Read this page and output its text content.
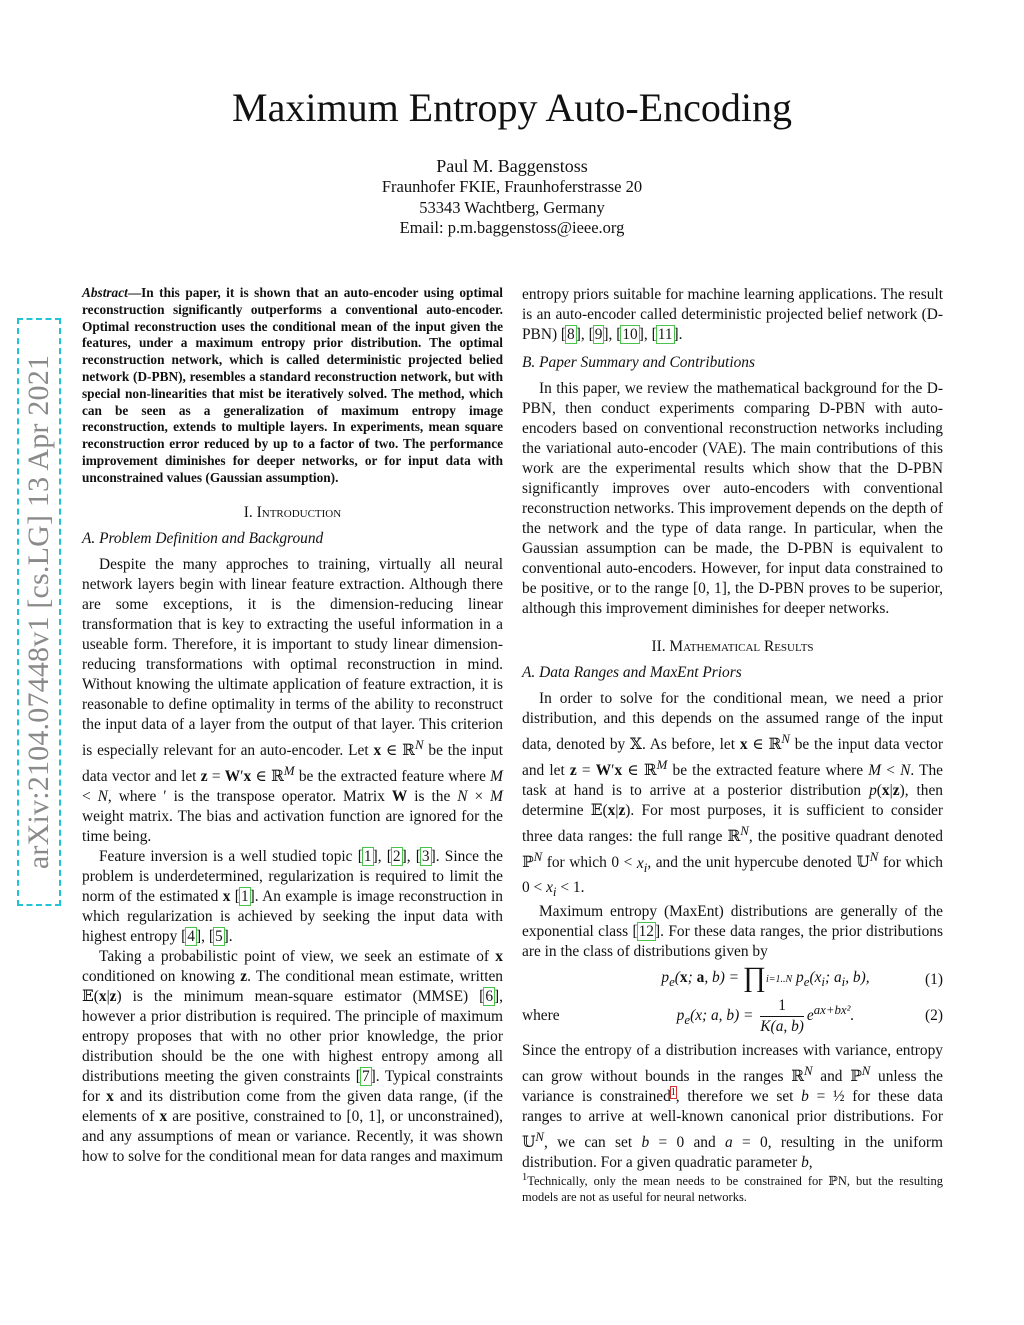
arXiv:2104.07448v1 [cs.LG] 13 Apr 2021
Maximum Entropy Auto-Encoding
Paul M. Baggenstoss
Fraunhofer FKIE, Fraunhoferstrasse 20
53343 Wachtberg, Germany
Email: p.m.baggenstoss@ieee.org

Abstract—In this paper, it is shown that an auto-encoder using optimal reconstruction significantly outperforms a conventional auto-encoder. Optimal reconstruction uses the conditional mean of the input given the features, under a maximum entropy prior distribution. The optimal reconstruction network, which is called deterministic projected belied network (D-PBN), resembles a standard reconstruction network, but with special non-linearities that mist be iteratively solved. The method, which can be seen as a generalization of maximum entropy image reconstruction, extends to multiple layers. In experiments, mean square reconstruction error reduced by up to a factor of two. The performance improvement diminishes for deeper networks, or for input data with unconstrained values (Gaussian assumption).

I. Introduction
A. Problem Definition and Background

Despite the many approches to training, virtually all neural network layers begin with linear feature extraction. Although there are some exceptions, it is the dimension-reducing linear transformation that is key to extracting the useful information in a useable form. Therefore, it is important to study linear dimension-reducing transformations with optimal reconstruction in mind. Without knowing the ultimate application of feature extraction, it is reasonable to define optimality in terms of the ability to reconstruct the input data of a layer from the output of that layer. This criterion is especially relevant for an auto-encoder. Let x ∈ ℝ$^N$ be the input data vector and let z = W′x ∈ ℝ$^M$ be the extracted feature where M < N, where ′ is the transpose operator. Matrix W is the N × M weight matrix. The bias and activation function are ignored for the time being.

Feature inversion is a well studied topic [1], [2], [3]. Since the problem is underdetermined, regularization is required to limit the norm of the estimated x [1]. An example is image reconstruction in which regularization is achieved by seeking the input data with highest entropy [4], [5].

Taking a probabilistic point of view, we seek an estimate of x conditioned on knowing z. The conditional mean estimate, written 𝔼(x|z) is the minimum mean-square estimator (MMSE) [6], however a prior distribution is required. The principle of maximum entropy proposes that with no other prior knowledge, the prior distribution should be the one with highest entropy among all distributions meeting the given constraints [7]. Typical constraints for x and its distribution come from the given data range, (if the elements of x are positive, constrained to [0, 1], or unconstrained), and any assumptions of mean or variance. Recently, it was shown how to solve for the conditional mean for data ranges and maximum

entropy priors suitable for machine learning applications. The result is an auto-encoder called deterministic projected belief network (D-PBN) [8], [9], [10], [11].

B. Paper Summary and Contributions

In this paper, we review the mathematical background for the D-PBN, then conduct experiments comparing D-PBN with auto-encoders based on conventional reconstruction networks including the variational auto-encoder (VAE). The main contributions of this work are the experimental results which show that the D-PBN significantly improves over auto-encoders with conventional reconstruction networks. This improvement depends on the depth of the network and the type of data range. In particular, when the Gaussian assumption can be made, the D-PBN is equivalent to conventional auto-encoders. However, for input data constrained to be positive, or to the range [0, 1], the D-PBN proves to be superior, although this improvement diminishes for deeper networks.

II. Mathematical Results
A. Data Ranges and MaxEnt Priors

In order to solve for the conditional mean, we need a prior distribution, and this depends on the assumed range of the input data, denoted by 𝕏. As before, let x ∈ ℝ$^N$ be the input data vector and let z = W′x ∈ ℝ$^M$ be the extracted feature where M < N. The task at hand is to arrive at a posterior distribution p(x|z), then determine 𝔼(x|z). For most purposes, it is sufficient to consider three data ranges: the full range ℝ$^N$, the positive quadrant denoted ℙ$^N$ for which $0 < x_i$, and the unit hypercube denoted 𝕌$^N$ for which $0 < x_i < 1$.

Maximum entropy (MaxEnt) distributions are generally of the exponential class [12]. For these data ranges, the prior distributions are in the class of distributions given by

$p_e(x$; a, b) = ∏i=1..N $p_e(x_i$; $a_i$, b),	(1)
where	$p_e(x$; a, $b) = \frac{1}{K(a, b)} e^{ax+bx^2}$.	(2)

Since the entropy of a distribution increases with variance, entropy can grow without bounds in the ranges ℝ$^N$ and ℙ$^N$ unless the variance is constrained$^1$, therefore we set b = ½ for these data ranges to arrive at well-known canonical prior distributions. For 𝕌$^N$, we can set b = 0 and a = 0, resulting in the uniform distribution. For a given quadratic parameter b,

$^1$Technically, only the mean needs to be constrained for ℙN, but the resulting models are not as useful for neural networks.
